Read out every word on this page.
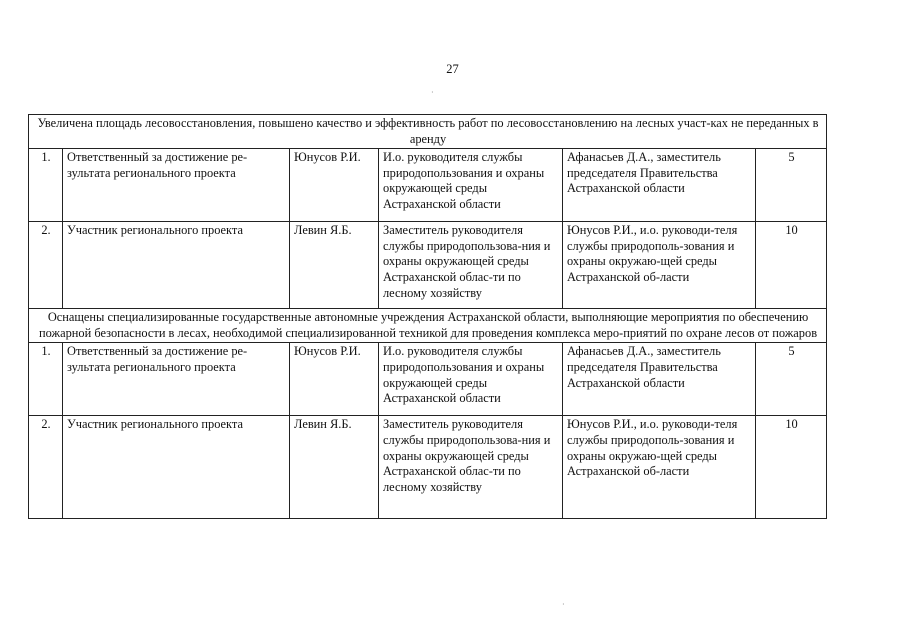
27
·
·
Увеличена площадь лесовосстановления, повышено качество и эффективность работ по лесовосстановлению на лесных участ-ках не переданных в аренду					
1.	Ответственный за достижение ре-зультата регионального проекта	Юнусов Р.И.	И.о. руководителя службы природопользования и охраны окружающей среды Астраханской области	Афанасьев Д.А., заместитель председателя Правительства Астраханской области	5
2.	Участник регионального проекта	Левин Я.Б.	Заместитель руководителя службы природопользова-ния и охраны окружающей среды Астраханской облас-ти по лесному хозяйству	Юнусов Р.И., и.о. руководи-теля службы природополь-зования и охраны окружаю-щей среды Астраханской об-ласти	10
Оснащены специализированные государственные автономные учреждения Астраханской области, выполняющие мероприятия по обеспечению пожарной безопасности в лесах, необходимой специализированной техникой для проведения комплекса меро-приятий по охране лесов от пожаров					
1.	Ответственный за достижение ре-зультата регионального проекта	Юнусов Р.И.	И.о. руководителя службы природопользования и охраны окружающей среды Астраханской области	Афанасьев Д.А., заместитель председателя Правительства Астраханской области	5
2.	Участник регионального проекта	Левин Я.Б.	Заместитель руководителя службы природопользова-ния и охраны окружающей среды Астраханской облас-ти по лесному хозяйству	Юнусов Р.И., и.о. руководи-теля службы природополь-зования и охраны окружаю-щей среды Астраханской об-ласти	10
